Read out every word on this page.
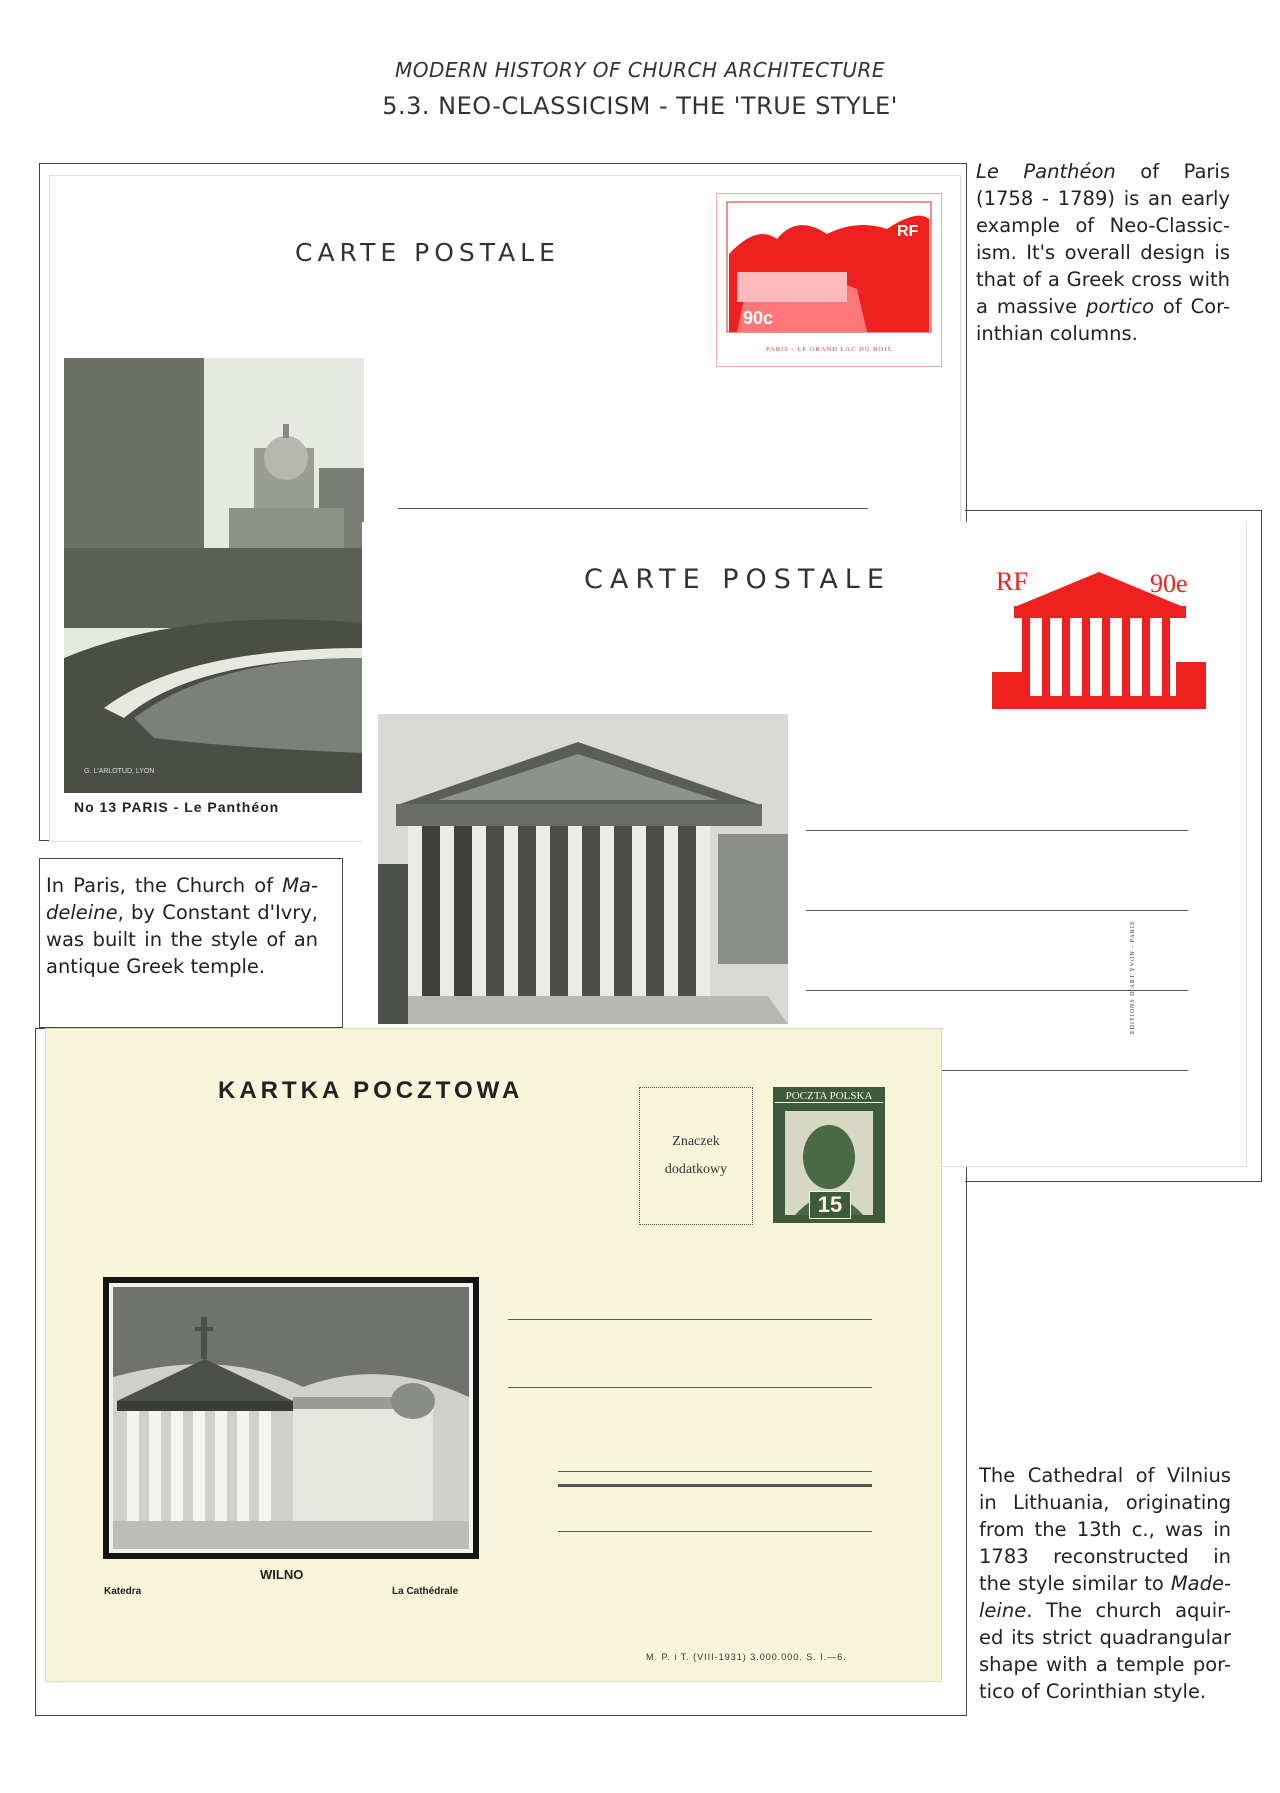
MODERN HISTORY OF CHURCH ARCHITECTURE
5.3. NEO-CLASSICISM - THE 'TRUE STYLE'
CARTE POSTALE
RF
90c
PARIS - LE GRAND LAC DU BOIS
G. L'ARLOTUD, LYON
No 13 PARIS - Le Panthéon
CARTE POSTALE	RF	90e
EDITIONS D'ART YVON - PARIS
KARTKA POCZTOWA
Znaczek
dodatkowy
POCZTA POLSKA
15
WILNO
Katedra	La Cathédrale
M. P. i T. (VIII-1931) 3.000.000. S. I.—6.
Le Panthéon of Paris (1758 - 1789) is an early example of Neo-Classic-ism. It's overall design is that of a Greek cross with a massive portico of Cor-inthian columns.
In Paris, the Church of Ma-deleine, by Constant d'Ivry, was built in the style of an antique Greek temple.
The Cathedral of Vilnius in Lithuania, originating from the 13th c., was in 1783 reconstructed in the style similar to Made-leine. The church aquir-ed its strict quadrangular shape with a temple por-tico of Corinthian style.
